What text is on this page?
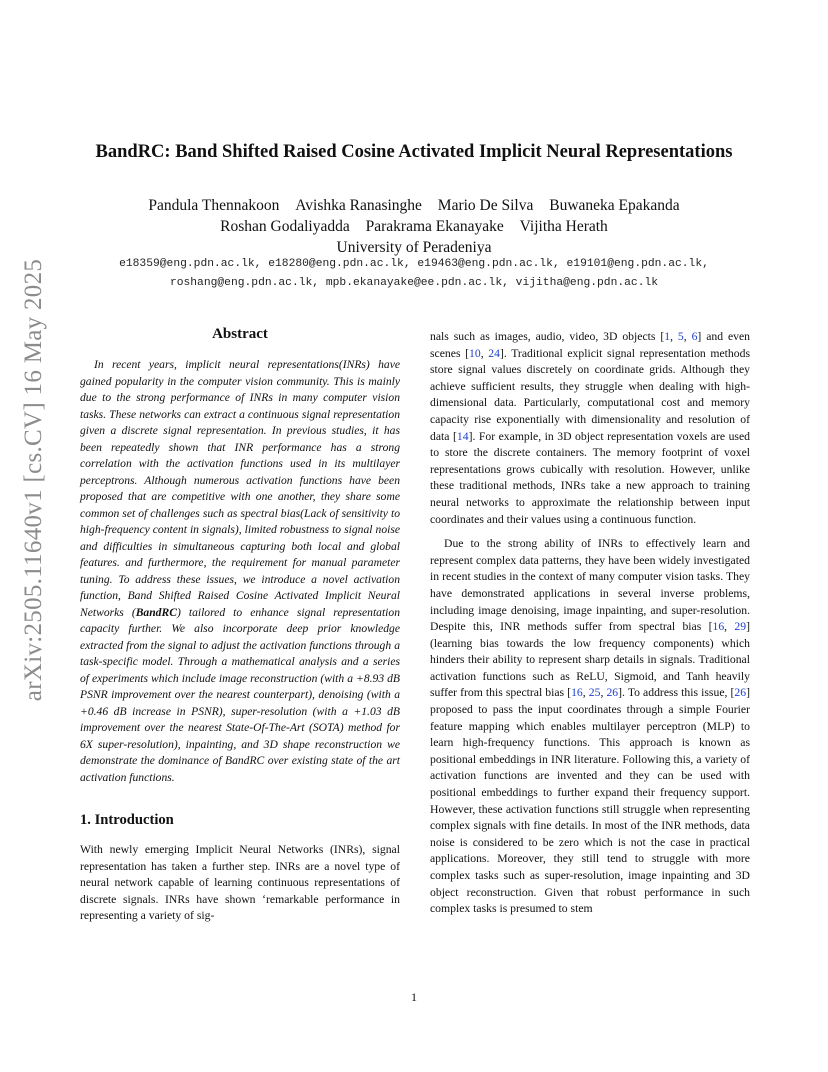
arXiv:2505.11640v1 [cs.CV] 16 May 2025
BandRC: Band Shifted Raised Cosine Activated Implicit Neural Representations
Pandula Thennakoon Avishka Ranasinghe Mario De Silva Buwaneka Epakanda
Roshan Godaliyadda Parakrama Ekanayake Vijitha Herath
University of Peradeniya
e18359@eng.pdn.ac.lk, e18280@eng.pdn.ac.lk, e19463@eng.pdn.ac.lk, e19101@eng.pdn.ac.lk,
roshang@eng.pdn.ac.lk, mpb.ekanayake@ee.pdn.ac.lk, vijitha@eng.pdn.ac.lk
Abstract

In recent years, implicit neural representations(INRs) have gained popularity in the computer vision community. This is mainly due to the strong performance of INRs in many computer vision tasks. These networks can extract a continuous signal representation given a discrete signal representation. In previous studies, it has been repeatedly shown that INR performance has a strong correlation with the activation functions used in its multilayer perceptrons. Although numerous activation functions have been proposed that are competitive with one another, they share some common set of challenges such as spectral bias(Lack of sensitivity to high-frequency content in signals), limited robustness to signal noise and difficulties in simultaneous capturing both local and global features. and furthermore, the requirement for manual parameter tuning. To address these issues, we introduce a novel activation function, Band Shifted Raised Cosine Activated Implicit Neural Networks (BandRC) tailored to enhance signal representation capacity further. We also incorporate deep prior knowledge extracted from the signal to adjust the activation functions through a task-specific model. Through a mathematical analysis and a series of experiments which include image reconstruction (with a +8.93 dB PSNR improvement over the nearest counterpart), denoising (with a +0.46 dB increase in PSNR), super-resolution (with a +1.03 dB improvement over the nearest State-Of-The-Art (SOTA) method for 6X super-resolution), inpainting, and 3D shape reconstruction we demonstrate the dominance of BandRC over existing state of the art activation functions.

1. Introduction

With newly emerging Implicit Neural Networks (INRs), signal representation has taken a further step. INRs are a novel type of neural network capable of learning continuous representations of discrete signals. INRs have shown ‘remarkable performance in representing a variety of sig-

nals such as images, audio, video, 3D objects [1, 5, 6] and even scenes [10, 24]. Traditional explicit signal representation methods store signal values discretely on coordinate grids. Although they achieve sufficient results, they struggle when dealing with high-dimensional data. Particularly, computational cost and memory capacity rise exponentially with dimensionality and resolution of data [14]. For example, in 3D object representation voxels are used to store the discrete containers. The memory footprint of voxel representations grows cubically with resolution. However, unlike these traditional methods, INRs take a new approach to training neural networks to approximate the relationship between input coordinates and their values using a continuous function.

Due to the strong ability of INRs to effectively learn and represent complex data patterns, they have been widely investigated in recent studies in the context of many computer vision tasks. They have demonstrated applications in several inverse problems, including image denoising, image inpainting, and super-resolution. Despite this, INR methods suffer from spectral bias [16, 29] (learning bias towards the low frequency components) which hinders their ability to represent sharp details in signals. Traditional activation functions such as ReLU, Sigmoid, and Tanh heavily suffer from this spectral bias [16, 25, 26]. To address this issue, [26] proposed to pass the input coordinates through a simple Fourier feature mapping which enables multilayer perceptron (MLP) to learn high-frequency functions. This approach is known as positional embeddings in INR literature. Following this, a variety of activation functions are invented and they can be used with positional embeddings to further expand their frequency support. However, these activation functions still struggle when representing complex signals with fine details. In most of the INR methods, data noise is considered to be zero which is not the case in practical applications. Moreover, they still tend to struggle with more complex tasks such as super-resolution, image inpainting and 3D object reconstruction. Given that robust performance in such complex tasks is presumed to stem

1
